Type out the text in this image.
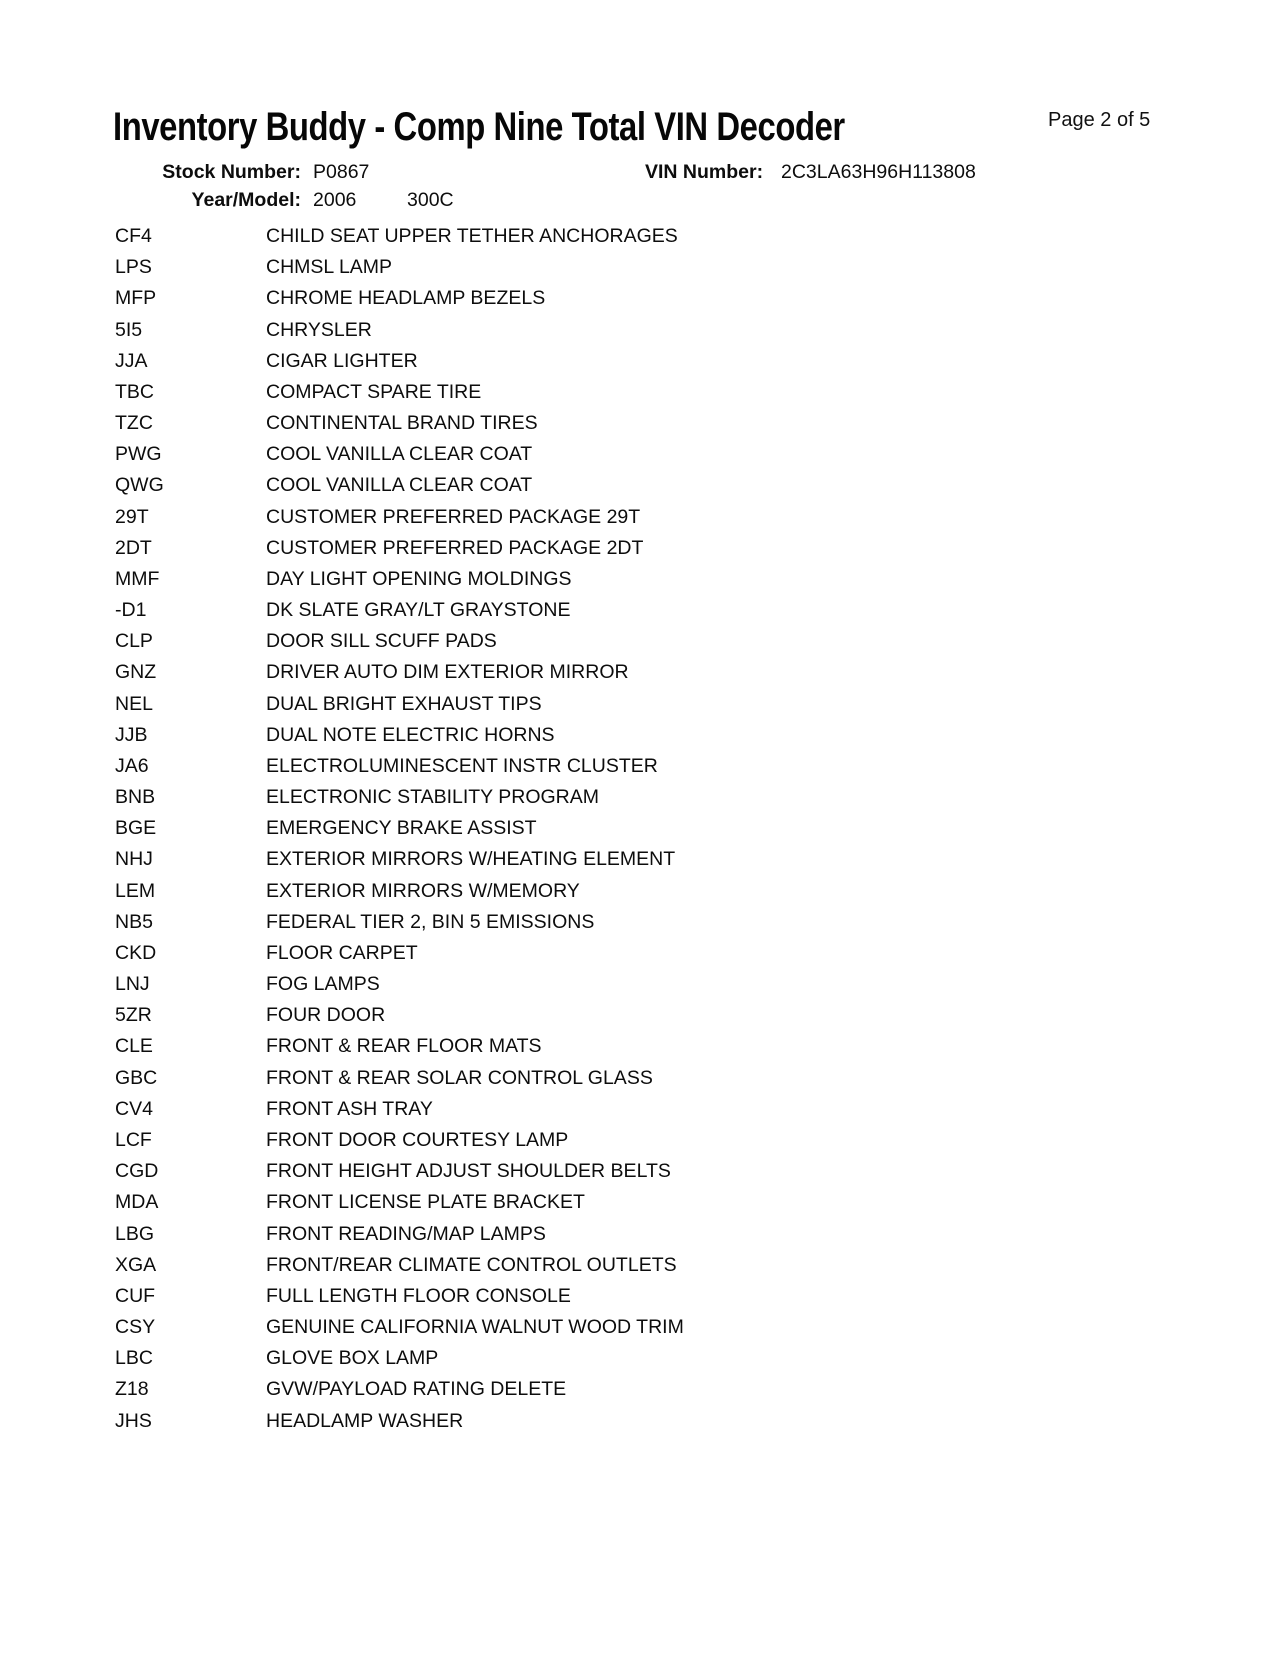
Inventory Buddy - Comp Nine Total VIN Decoder	Page 2 of 5
Stock Number: P0867	VIN Number: 2C3LA63H96H113808
Year/Model: 2006	300C
CF4	CHILD SEAT UPPER TETHER ANCHORAGES
LPS	CHMSL LAMP
MFP	CHROME HEADLAMP BEZELS
5I5	CHRYSLER
JJA	CIGAR LIGHTER
TBC	COMPACT SPARE TIRE
TZC	CONTINENTAL BRAND TIRES
PWG	COOL VANILLA CLEAR COAT
QWG	COOL VANILLA CLEAR COAT
29T	CUSTOMER PREFERRED PACKAGE 29T
2DT	CUSTOMER PREFERRED PACKAGE 2DT
MMF	DAY LIGHT OPENING MOLDINGS
-D1	DK SLATE GRAY/LT GRAYSTONE
CLP	DOOR SILL SCUFF PADS
GNZ	DRIVER AUTO DIM EXTERIOR MIRROR
NEL	DUAL BRIGHT EXHAUST TIPS
JJB	DUAL NOTE ELECTRIC HORNS
JA6	ELECTROLUMINESCENT INSTR CLUSTER
BNB	ELECTRONIC STABILITY PROGRAM
BGE	EMERGENCY BRAKE ASSIST
NHJ	EXTERIOR MIRRORS W/HEATING ELEMENT
LEM	EXTERIOR MIRRORS W/MEMORY
NB5	FEDERAL TIER 2, BIN 5 EMISSIONS
CKD	FLOOR CARPET
LNJ	FOG LAMPS
5ZR	FOUR DOOR
CLE	FRONT & REAR FLOOR MATS
GBC	FRONT & REAR SOLAR CONTROL GLASS
CV4	FRONT ASH TRAY
LCF	FRONT DOOR COURTESY LAMP
CGD	FRONT HEIGHT ADJUST SHOULDER BELTS
MDA	FRONT LICENSE PLATE BRACKET
LBG	FRONT READING/MAP LAMPS
XGA	FRONT/REAR CLIMATE CONTROL OUTLETS
CUF	FULL LENGTH FLOOR CONSOLE
CSY	GENUINE CALIFORNIA WALNUT WOOD TRIM
LBC	GLOVE BOX LAMP
Z18	GVW/PAYLOAD RATING DELETE
JHS	HEADLAMP WASHER
